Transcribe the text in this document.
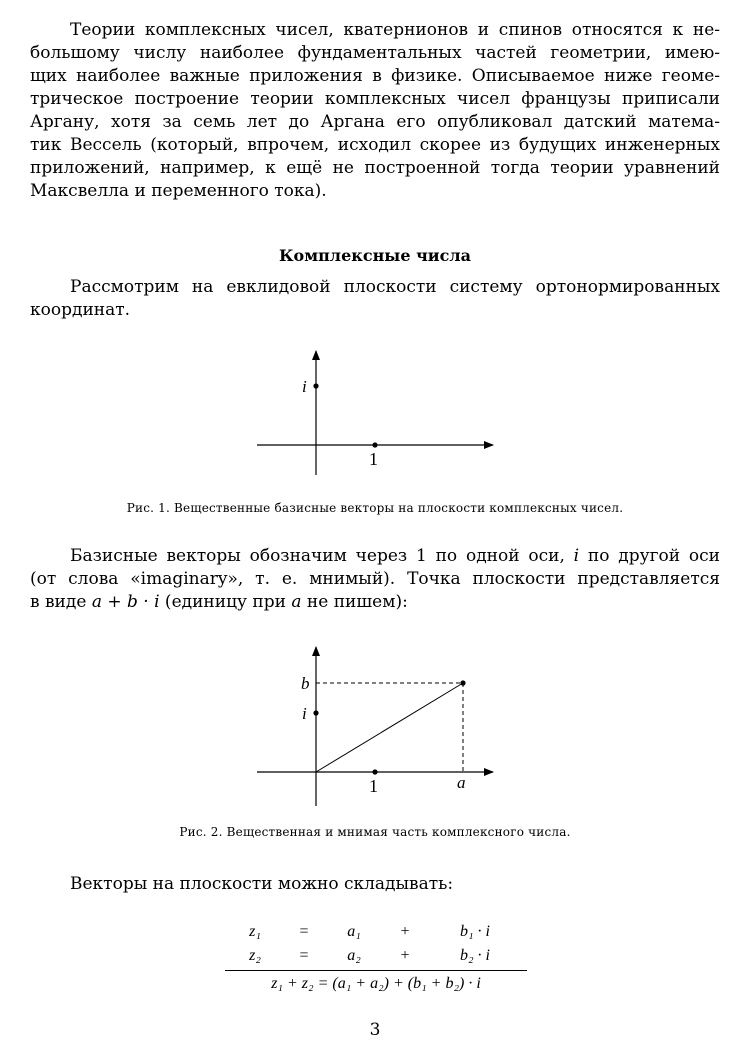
Теории комплексных чисел, кватернионов и спинов относятся к не-
большому числу наиболее фундаментальных частей геометрии, имею-
щих наиболее важные приложения в физике. Описываемое ниже геоме-
трическое построение теории комплексных чисел французы приписали
Аргану, хотя за семь лет до Аргана его опубликовал датский матема-
тик Вессель (который, впрочем, исходил скорее из будущих инженерных
приложений, например, к ещё не построенной тогда теории уравнений
Максвелла и переменного тока).

Комплексные числа

Рассмотрим на евклидовой плоскости систему ортонормированных
координат.
i
1

Рис. 1. Вещественные базисные векторы на плоскости комплексных чисел.

Базисные векторы обозначим через 1 по одной оси, i по другой оси
(от слова «imaginary», т. е. мнимый). Точка плоскости представляется
в виде a + b · i (единицу при a не пишем):
b
i
1	a

Рис. 2. Вещественная и мнимая часть комплексного числа.

Векторы на плоскости можно складывать:
z₁	=	a₁	+	b₁ · i
z₂	=	a₂	+	b₂ · i
z₁ + z₂ = (a₁ + a₂) + (b₁ + b₂) · i

3
